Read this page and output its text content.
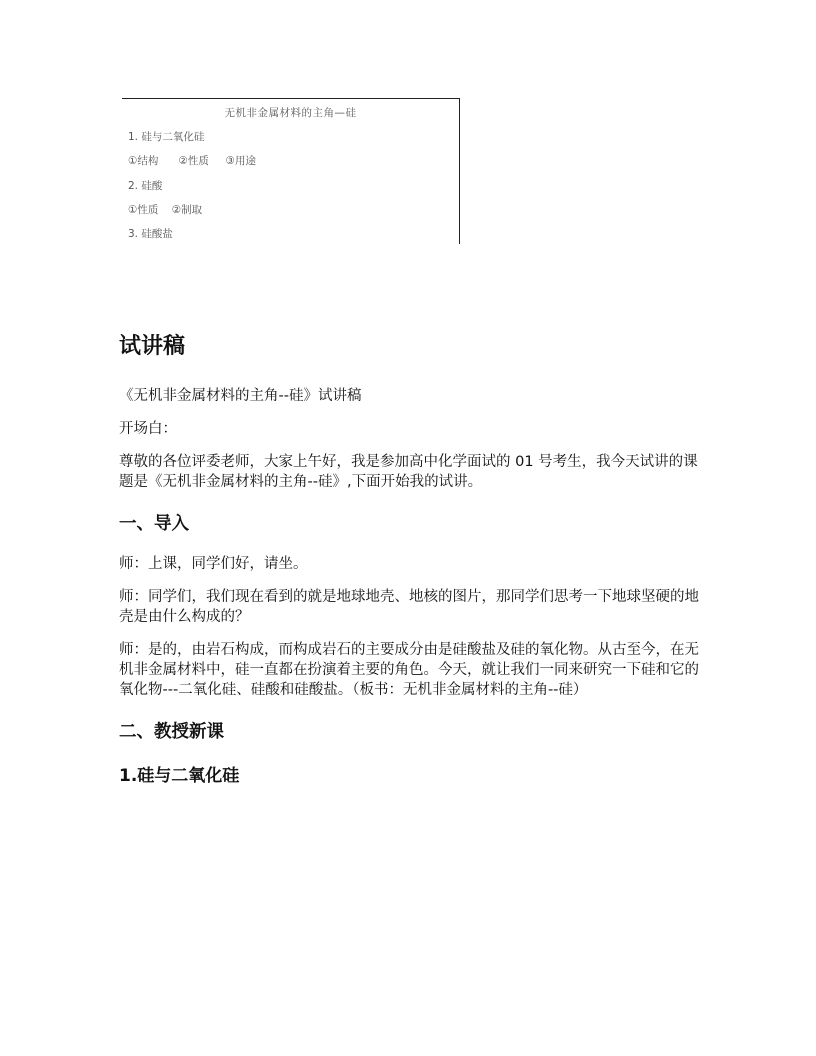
无机非金属材料的主角—硅
1. 硅与二氧化硅
①结构      ②性质     ③用途
2. 硅酸
①性质    ②制取
3. 硅酸盐
试讲稿

《无机非金属材料的主角--硅》试讲稿

开场白：

尊敬的各位评委老师，大家上午好，我是参加高中化学面试的 01 号考生，我今天试讲的课题是《无机非金属材料的主角--硅》,下面开始我的试讲。

一、导入

师：上课，同学们好，请坐。

师：同学们，我们现在看到的就是地球地壳、地核的图片，那同学们思考一下地球坚硬的地壳是由什么构成的？

师：是的，由岩石构成，而构成岩石的主要成分由是硅酸盐及硅的氧化物。从古至今，在无机非金属材料中，硅一直都在扮演着主要的角色。今天，就让我们一同来研究一下硅和它的氧化物---二氧化硅、硅酸和硅酸盐。（板书：无机非金属材料的主角--硅）

二、教授新课
1.硅与二氧化硅
